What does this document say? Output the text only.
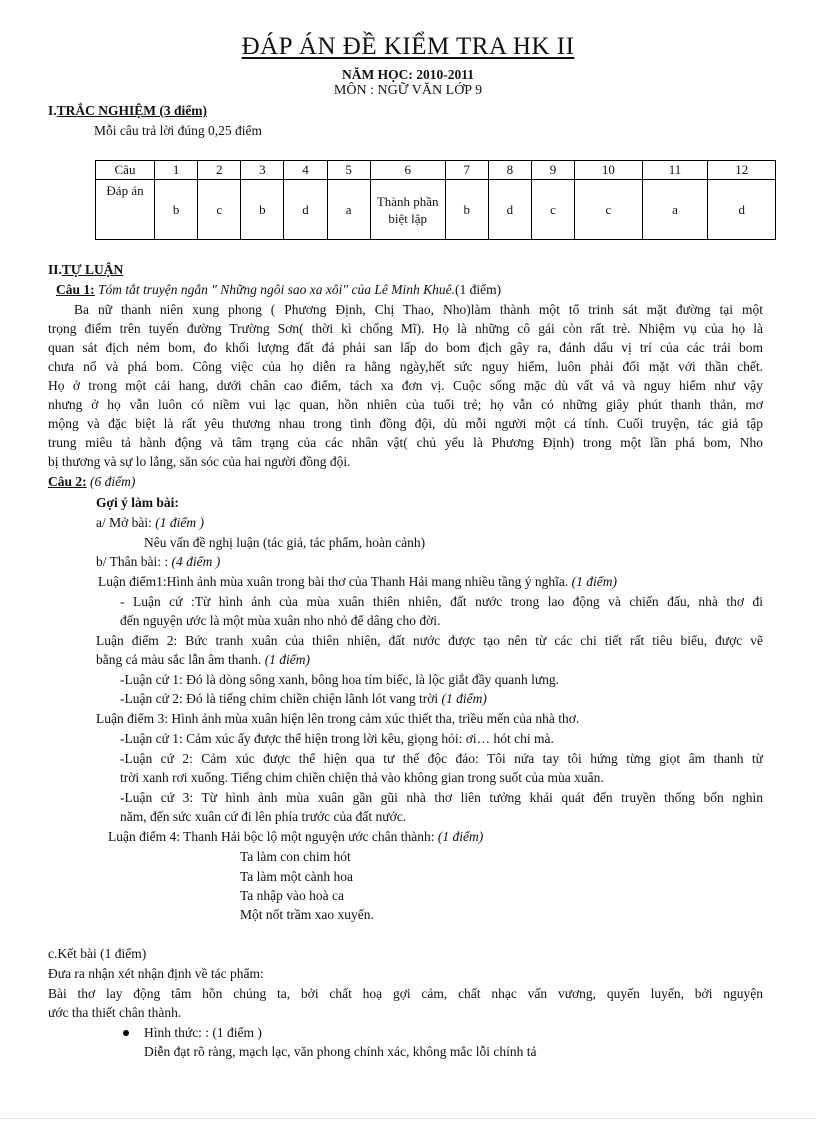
ĐÁP ÁN ĐỀ KIỂM TRA HK II
NĂM HỌC: 2010-2011
MÔN : NGỮ VĂN LỚP 9
I.TRẮC NGHIỆM (3 điểm)
Mỗi câu trả lời đúng 0,25 điểm
Câu	1	2	3	4	5	6	7	8	9	10	11	12
Đáp án	b	c	b	d	a	Thành phần biệt lập	b	d	c	c	a	d
II.TỰ LUẬN
Câu 1: Tóm tắt truyện ngắn " Những ngôi sao xa xôi" của Lê Minh Khuê.(1 điểm)
Ba nữ thanh niên xung phong ( Phương Định, Chị Thao, Nho)làm thành một tổ trinh sát mặt đường tại một
trọng điểm trên tuyến đường Trường Sơn( thời kì chống Mĩ). Họ là những cô gái còn rất trẻ. Nhiệm vụ của họ là
quan sát địch ném bom, đo khối lượng đất đá phải san lấp do bom địch gây ra, đánh dấu vị trí của các trái bom
chưa nổ và phá bom. Công việc của họ diễn ra hằng ngày,hết sức nguy hiểm, luôn phải đối mặt với thần chết.
Họ ở trong một cái hang, dưới chân cao điểm, tách xa đơn vị. Cuộc sống mặc dù vất vả và nguy hiểm như vậy
nhưng ở họ vẫn luôn có niềm vui lạc quan, hồn nhiên của tuổi trẻ; họ vẫn có những giây phút thanh thản, mơ
mộng và đặc biệt là rất yêu thương nhau trong tình đồng đội, dù mỗi người một cá tính. Cuối truyện, tác giả tập
trung miêu tả hành động và tâm trạng của các nhân vật( chủ yếu là Phương Định) trong một lần phá bom, Nho
bị thương và sự lo lắng, săn sóc của hai người đồng đội.
Câu 2: (6 điểm)
Gợi ý làm bài:
a/ Mở bài: (1 điểm )
Nêu vấn đề nghị luận (tác giả, tác phẩm, hoàn cảnh)
b/ Thân bài: : (4 điểm )
Luận điểm1:Hình ảnh mùa xuân trong bài thơ của Thanh Hải mang nhiều tầng ý nghĩa. (1 điểm)
- Luận cứ :Từ hình ảnh của mùa xuân thiên nhiên, đất nước trong lao động và chiến đấu, nhà thơ đi
đến nguyện ước là một mùa xuân nho nhỏ để dâng cho đời.
Luận điểm 2: Bức tranh xuân của thiên nhiên, đất nước được tạo nên từ các chi tiết rất tiêu biểu, được vẽ
bằng cả màu sắc lẫn âm thanh. (1 điểm)
-Luận cứ 1: Đó là dòng sông xanh, bông hoa tím biếc, là lộc giắt đầy quanh lưng.
-Luận cứ 2: Đó là tiếng chim chiền chiện lãnh lót vang trời (1 điểm)
Luận điểm 3: Hình ảnh mùa xuân hiện lên trong cảm xúc thiết tha, triều mến của nhà thơ.
-Luận cứ 1: Cảm xúc ấy được thể hiện trong lời kêu, giọng hỏi: ơi… hót chi mà.
-Luận cứ 2: Cảm xúc được thể hiện qua tư thế độc đáo: Tôi nứa tay tôi hứng từng giọt âm thanh từ
trời xanh rơi xuống. Tiếng chim chiền chiện thả vào không gian trong suốt của mùa xuân.
-Luận cứ 3: Từ hình ảnh mùa xuân gần gũi nhà thơ liên tưởng khái quát đến truyền thống bốn nghìn
năm, đến sức xuân cứ đi lên phía trước của đất nước.
Luận điểm 4: Thanh Hải bộc lộ một nguyện ước chân thành: (1 điểm)
Ta làm con chim hót
Ta làm một cành hoa
Ta nhập vào hoà ca
Một nốt trầm xao xuyến.
c.Kết bài (1 điểm)
Đưa ra nhận xét nhận định về tác phẩm:
Bài thơ lay động tâm hồn chúng ta, bởi chất hoạ gợi cảm, chất nhạc vấn vương, quyến luyến, bởi nguyện
ước tha thiết chân thành.
Hình thức: : (1 điểm )
Diễn đạt rõ ràng, mạch lạc, văn phong chính xác, không mắc lỗi chính tả
